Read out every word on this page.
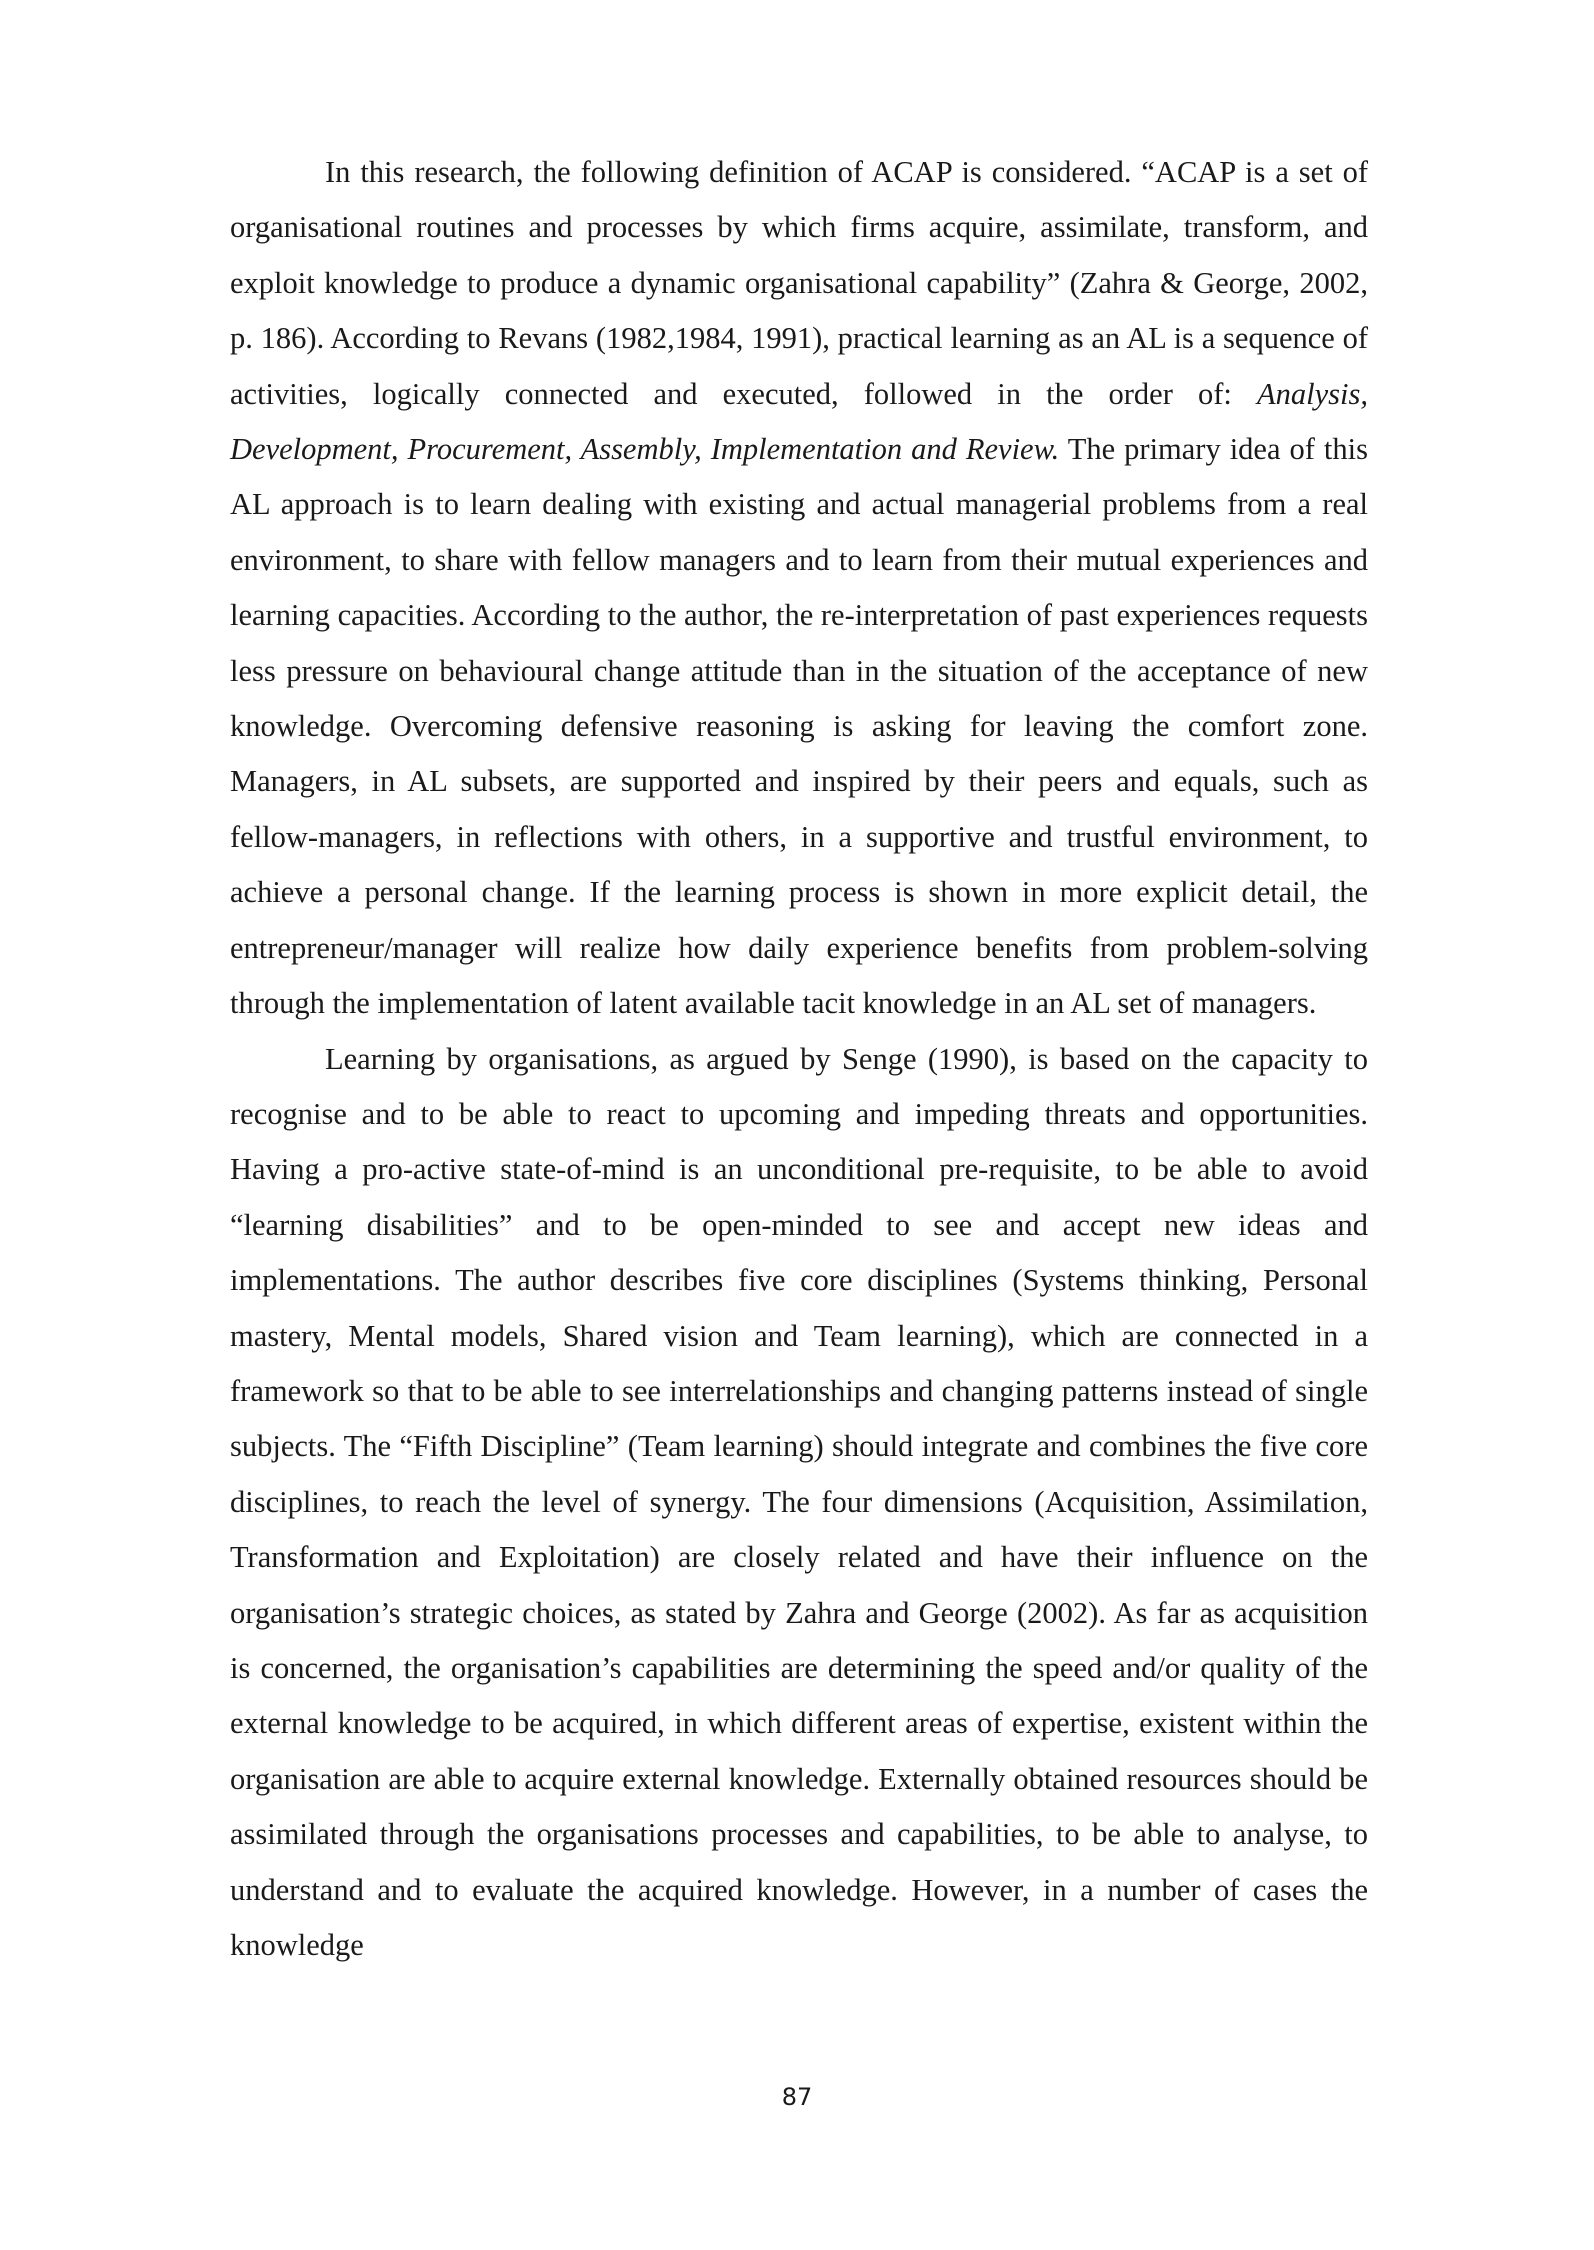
In this research, the following definition of ACAP is considered. “ACAP is a set of organisational routines and processes by which firms acquire, assimilate, transform, and exploit knowledge to produce a dynamic organisational capability” (Zahra & George, 2002, p. 186). According to Revans (1982,1984, 1991), practical learning as an AL is a sequence of activities, logically connected and executed, followed in the order of: Analysis, Development, Procurement, Assembly, Implementation and Review. The primary idea of this AL approach is to learn dealing with existing and actual managerial problems from a real environment, to share with fellow managers and to learn from their mutual experiences and learning capacities. According to the author, the re-interpretation of past experiences requests less pressure on behavioural change attitude than in the situation of the acceptance of new knowledge. Overcoming defensive reasoning is asking for leaving the comfort zone. Managers, in AL subsets, are supported and inspired by their peers and equals, such as fellow-managers, in reflections with others, in a supportive and trustful environment, to achieve a personal change. If the learning process is shown in more explicit detail, the entrepreneur/manager will realize how daily experience benefits from problem-solving through the implementation of latent available tacit knowledge in an AL set of managers.

Learning by organisations, as argued by Senge (1990), is based on the capacity to recognise and to be able to react to upcoming and impeding threats and opportunities. Having a pro-active state-of-mind is an unconditional pre-requisite, to be able to avoid “learning disabilities” and to be open-minded to see and accept new ideas and implementations. The author describes five core disciplines (Systems thinking, Personal mastery, Mental models, Shared vision and Team learning), which are connected in a framework so that to be able to see interrelationships and changing patterns instead of single subjects. The “Fifth Discipline” (Team learning) should integrate and combines the five core disciplines, to reach the level of synergy. The four dimensions (Acquisition, Assimilation, Transformation and Exploitation) are closely related and have their influence on the organisation’s strategic choices, as stated by Zahra and George (2002). As far as acquisition is concerned, the organisation’s capabilities are determining the speed and/or quality of the external knowledge to be acquired, in which different areas of expertise, existent within the organisation are able to acquire external knowledge. Externally obtained resources should be assimilated through the organisations processes and capabilities, to be able to analyse, to understand and to evaluate the acquired knowledge. However, in a number of cases the knowledge

87
